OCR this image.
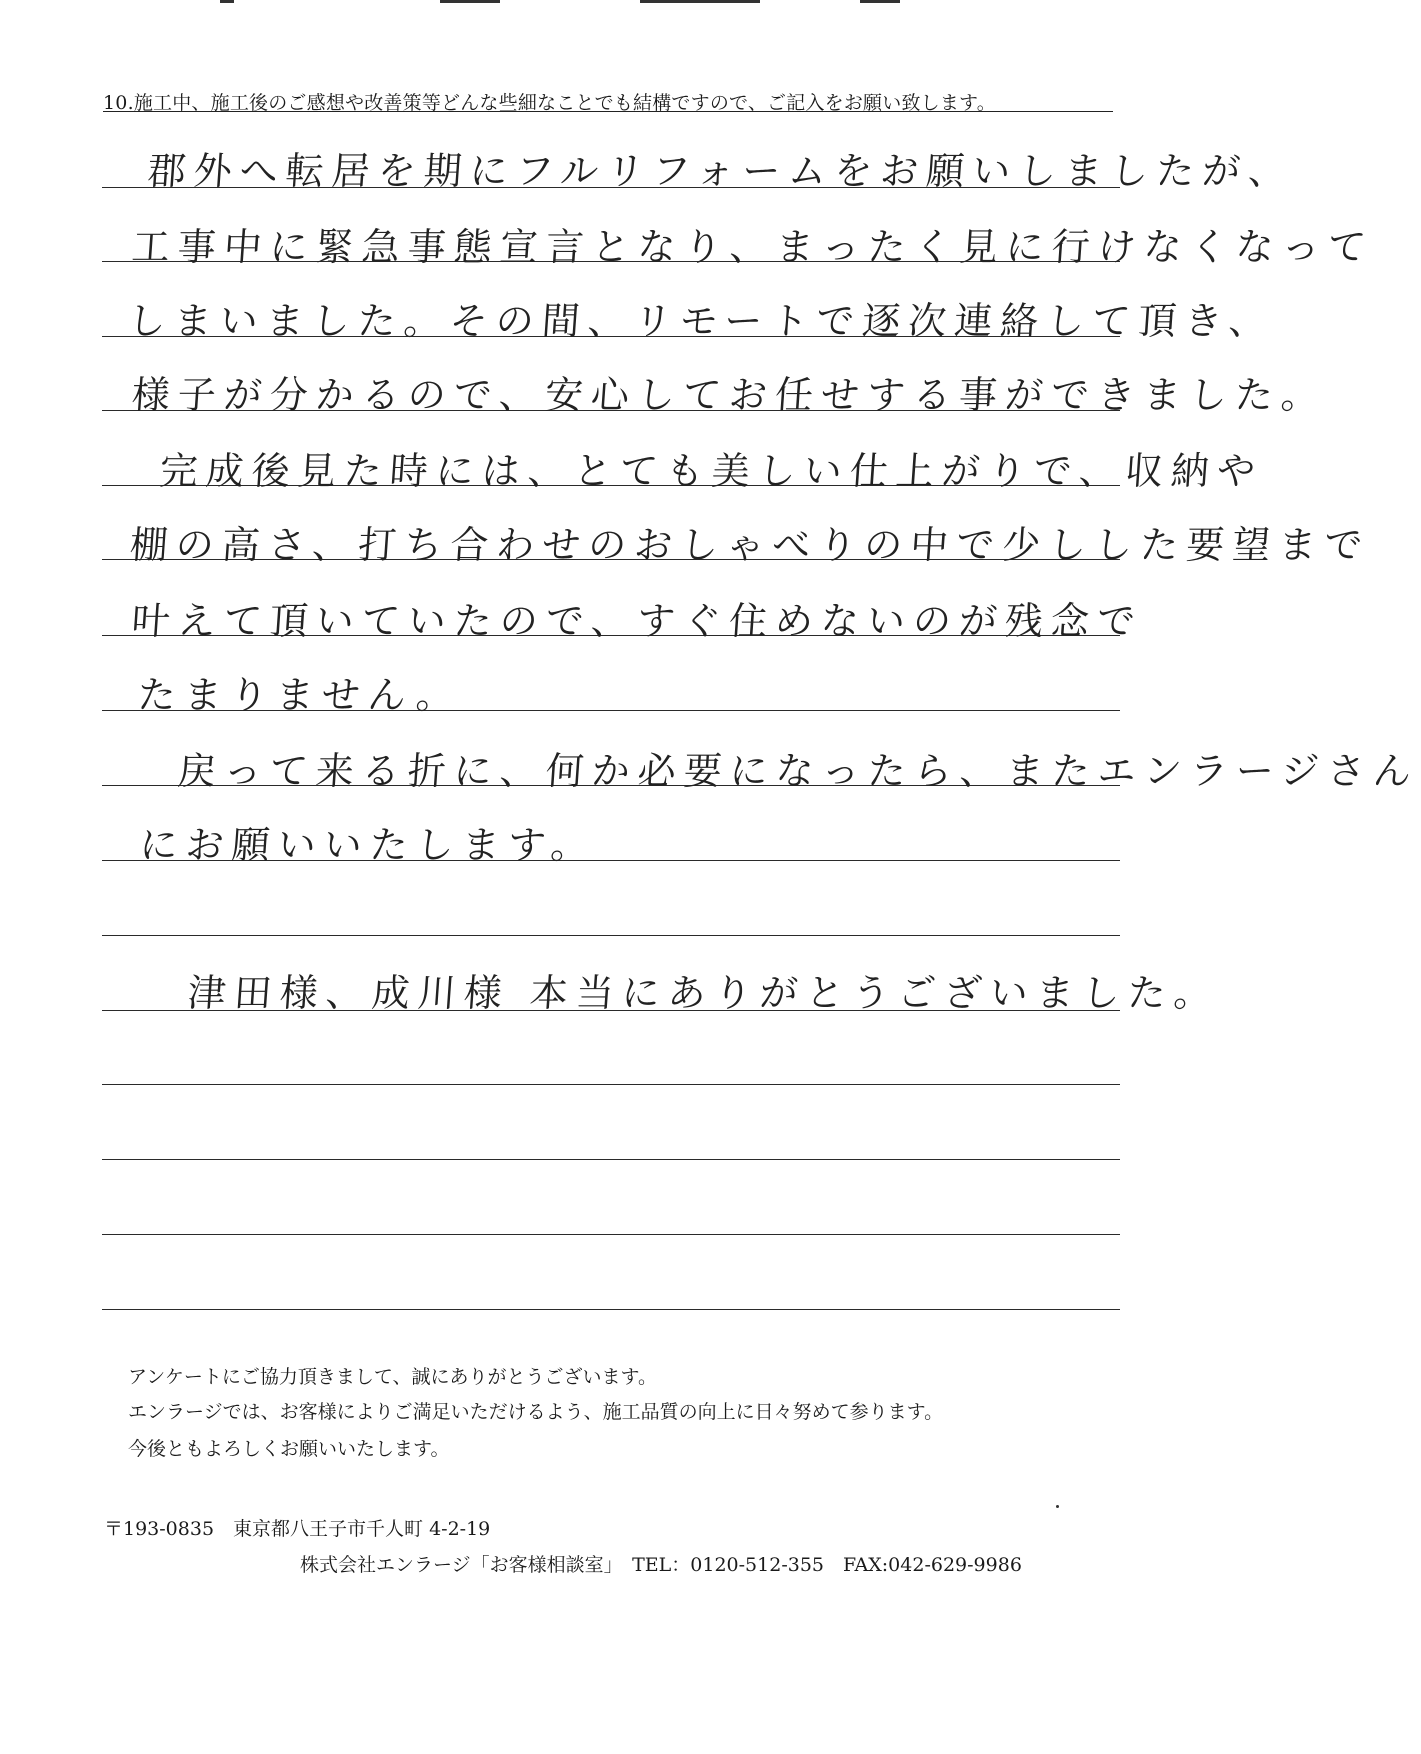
10.施工中、施工後のご感想や改善策等どんな些細なことでも結構ですので、ご記入をお願い致します。
郡外へ転居を期にフルリフォームをお願いしましたが、
工事中に緊急事態宣言となり、まったく見に行けなくなって
しまいました。その間、リモートで逐次連絡して頂き、
様子が分かるので、安心してお任せする事ができました。
完成後見た時には、とても美しい仕上がりで、収納や
棚の高さ、打ち合わせのおしゃべりの中で少しした要望まで
叶えて頂いていたので、すぐ住めないのが残念で
たまりません。
戻って来る折に、何か必要になったら、またエンラージさん
にお願いいたします。
津田様、成川様 本当にありがとうございました。
アンケートにご協力頂きまして、誠にありがとうございます。
エンラージでは、お客様によりご満足いただけるよう、施工品質の向上に日々努めて参ります。
今後ともよろしくお願いいたします。
〒193-0835　東京都八王子市千人町 4-2-19
株式会社エンラージ「お客様相談室」　TEL：0120-512-355　FAX:042-629-9986
